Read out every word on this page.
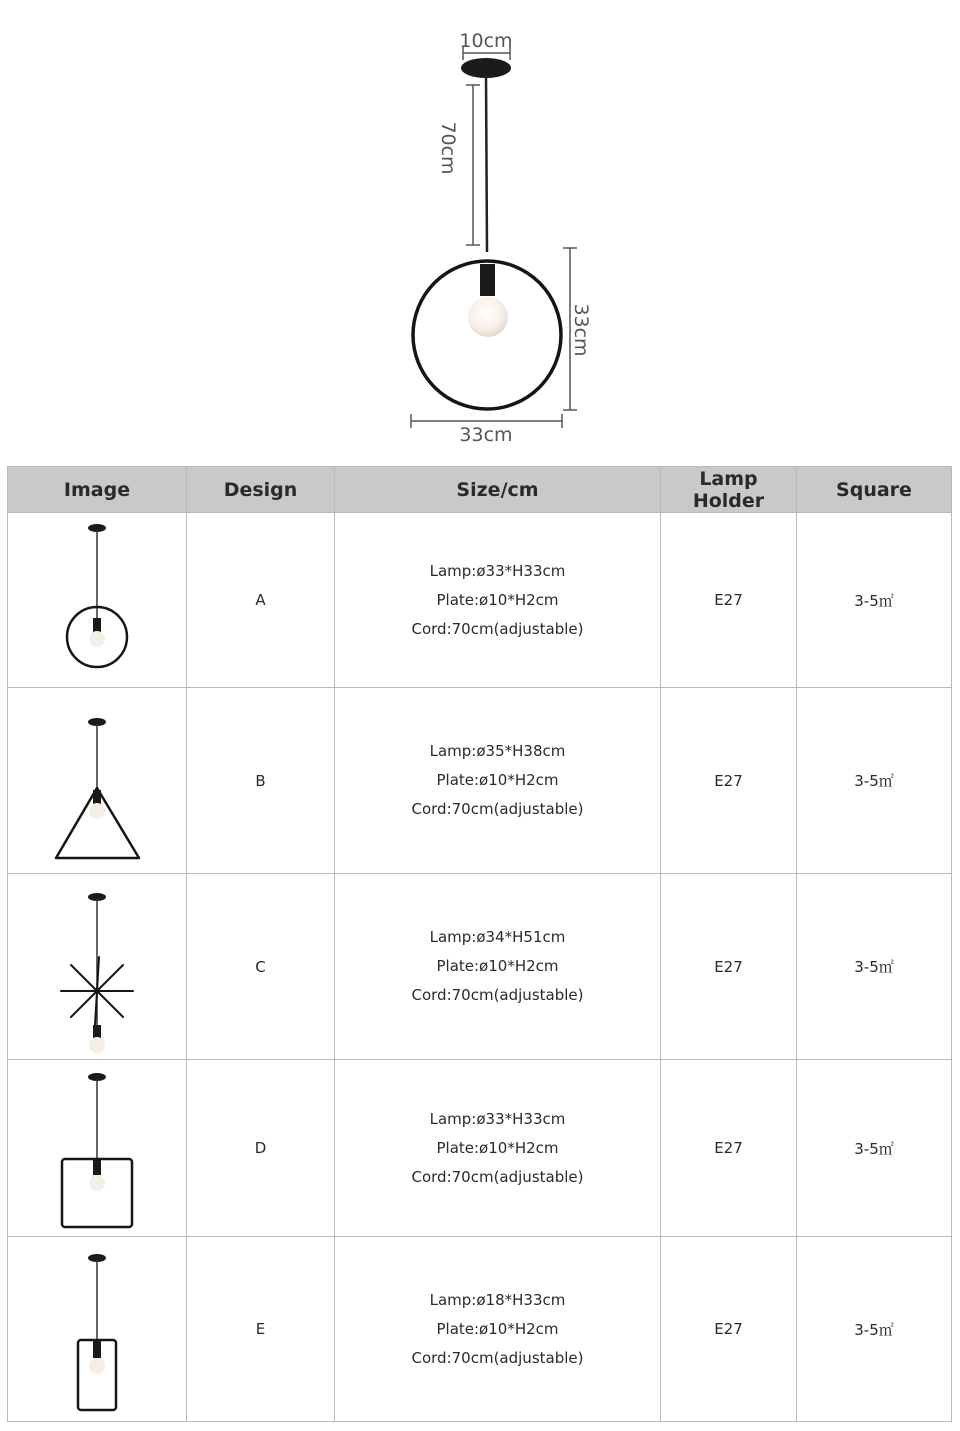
10cm
70cm
33cm
33cm
Image	Design	Size/cm	Lamp Holder	Square

	A	Lamp:ø33*H33cm
Plate:ø10*H2cm
Cord:70cm(adjustable)	E27	3-5㎡

	B	Lamp:ø35*H38cm
Plate:ø10*H2cm
Cord:70cm(adjustable)	E27	3-5㎡

	C	Lamp:ø34*H51cm
Plate:ø10*H2cm
Cord:70cm(adjustable)	E27	3-5㎡

	D	Lamp:ø33*H33cm
Plate:ø10*H2cm
Cord:70cm(adjustable)	E27	3-5㎡

	E	Lamp:ø18*H33cm
Plate:ø10*H2cm
Cord:70cm(adjustable)	E27	3-5㎡
